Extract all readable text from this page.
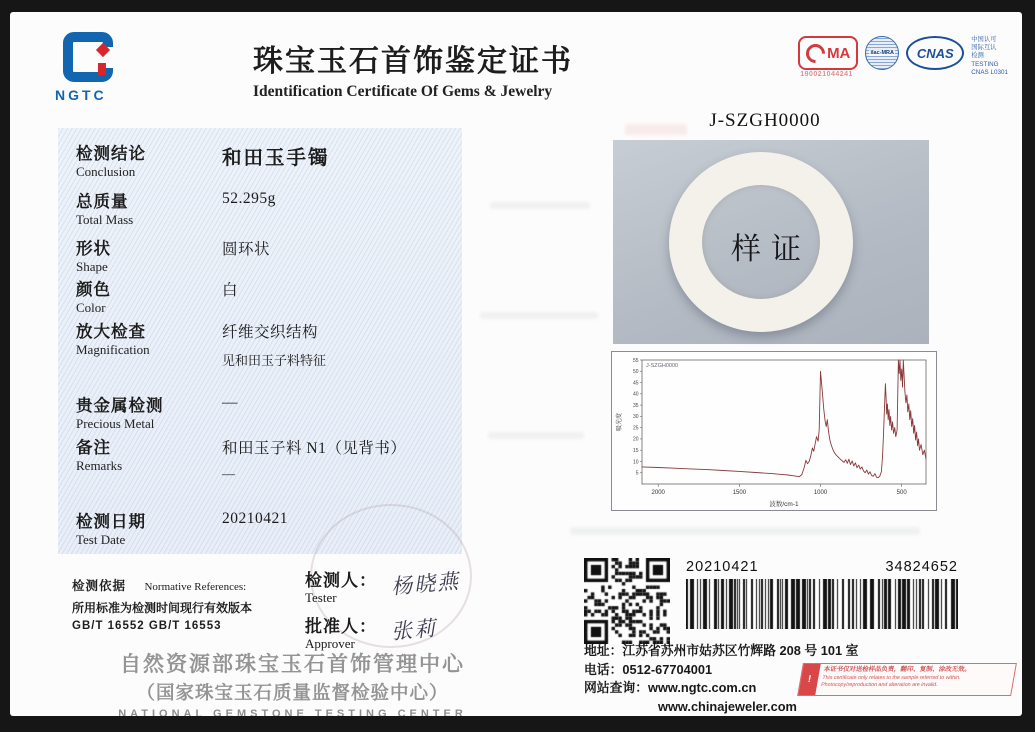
NGTC
珠宝玉石首饰鉴定证书
Identification Certificate Of Gems & Jewelry
MA
190021044241
ilac-MRA CNAS
中国认可
国际互认
检测
TESTING
CNAS L0301
J-SZGH0000
检测结论
Conclusion

和田玉手镯
总质量
Total Mass

52.295g
形状
Shape

圆环状
颜色
Color

白
放大检查
Magnification

纤维交织结构
见和田玉子料特征
贵金属检测
Precious Metal

—
备注
Remarks

和田玉子料 N1（见背书）
—
检测日期
Test Date

20210421
检测依据 Normative References:
所用标准为检测时间现行有效版本
GB/T 16552 GB/T 16553
检测人：
Tester	杨晓燕
批准人：
Approver	张莉
自然资源部珠宝玉石首饰管理中心
（国家珠宝玉石质量监督检验中心）
NATIONAL GEMSTONE TESTING CENTER
样证
5
10
15
20
25
30
35
40
45
50
55
2000	1500	1000	500
波数/cm-1
吸光度
J-SZGH0000
20210421	34824652
地址：江苏省苏州市姑苏区竹辉路 208 号 101 室
电话：0512-67704001
网站查询：www.ngtc.com.cn
www.chinajeweler.com
!
本证书仅对送检样品负责，翻印、复制、涂改无效。
This certificate only relates to the sample referred to within.
Photocopy/reproduction and alteration are invalid.
